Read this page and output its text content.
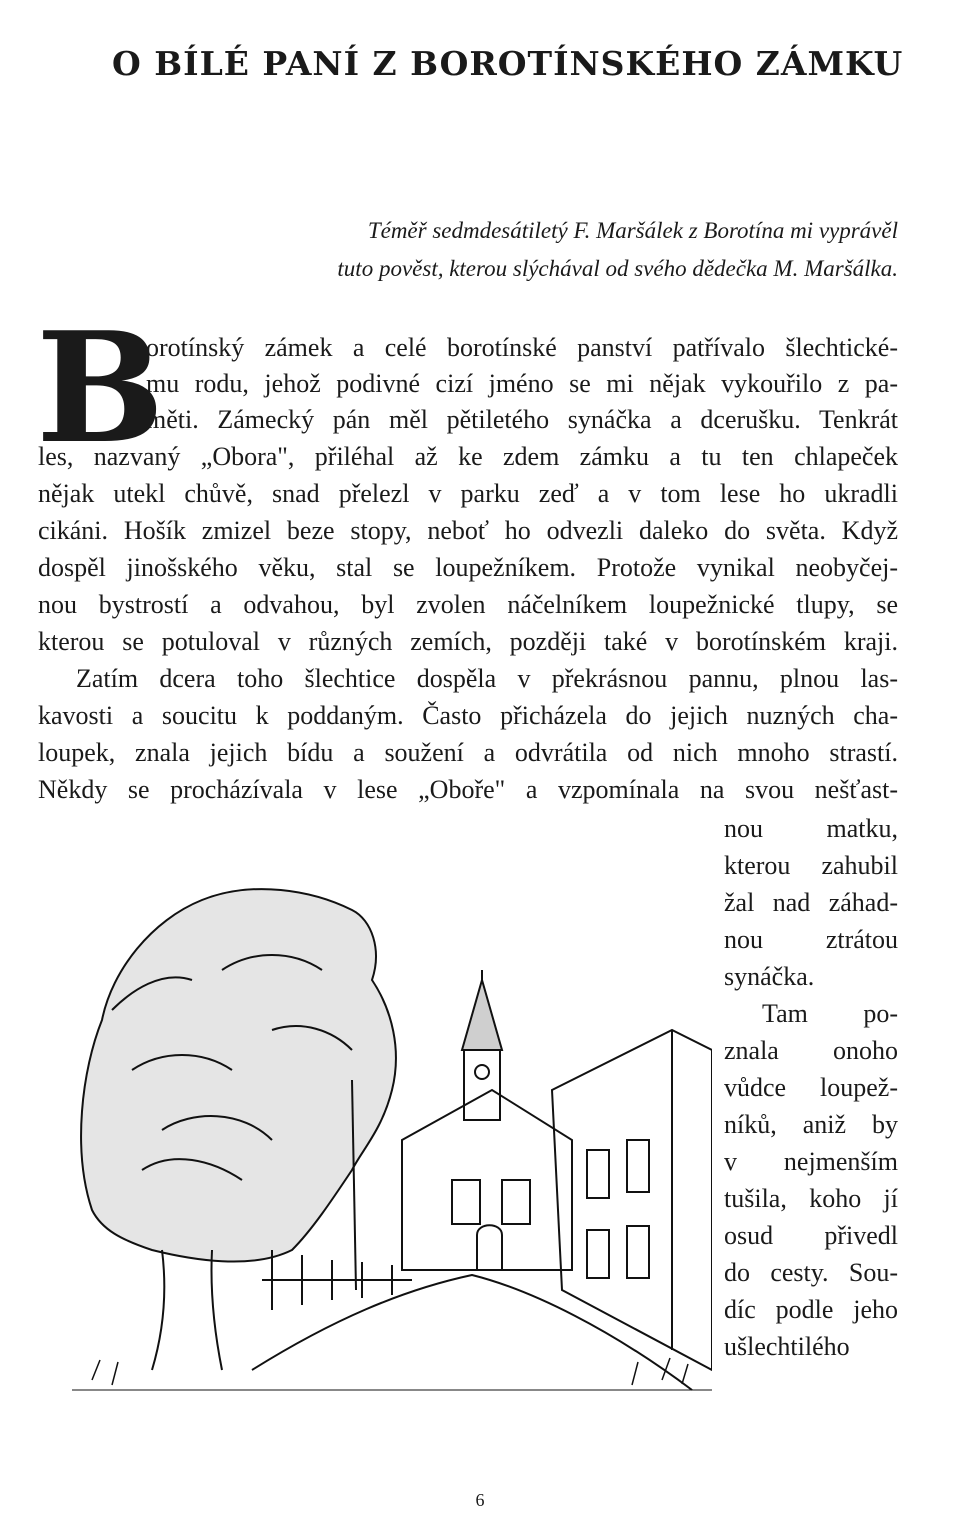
O BÍLÉ PANÍ Z BOROTÍNSKÉHO ZÁMKU
Téměř sedmdesátiletý F. Maršálek z Borotína mi vyprávěl
tuto pověst, kterou slýchával od svého dědečka M. Maršálka.
B
orotínský zámek a celé borotínské panství patřívalo šlechtické-
mu rodu, jehož podivné cizí jméno se mi nějak vykouřilo z pa-
měti. Zámecký pán měl pětiletého synáčka a dcerušku. Tenkrát
les, nazvaný „Obora", přiléhal až ke zdem zámku a tu ten chlapeček
nějak utekl chůvě, snad přelezl v parku zeď a v tom lese ho ukradli
cikáni. Hošík zmizel beze stopy, neboť ho odvezli daleko do světa. Když
dospěl jinošského věku, stal se loupežníkem. Protože vynikal neobyčej-
nou bystrostí a odvahou, byl zvolen náčelníkem loupežnické tlupy, se
kterou se potuloval v různých zemích, později také v borotínském kraji.
Zatím dcera toho šlechtice dospěla v překrásnou pannu, plnou las-
kavosti a soucitu k poddaným. Často přicházela do jejich nuzných cha-
loupek, znala jejich bídu a soužení a odvrátila od nich mnoho strastí.
Někdy se procházívala v lese „Oboře" a vzpomínala na svou nešťast-
nou matku,
kterou zahubil
žal nad záhad-
nou ztrátou
synáčka.
Tam po-
znala onoho
vůdce loupež-
níků, aniž by
v nejmenším
tušila, koho jí
osud přivedl
do cesty. Sou-
díc podle jeho
ušlechtilého
6
